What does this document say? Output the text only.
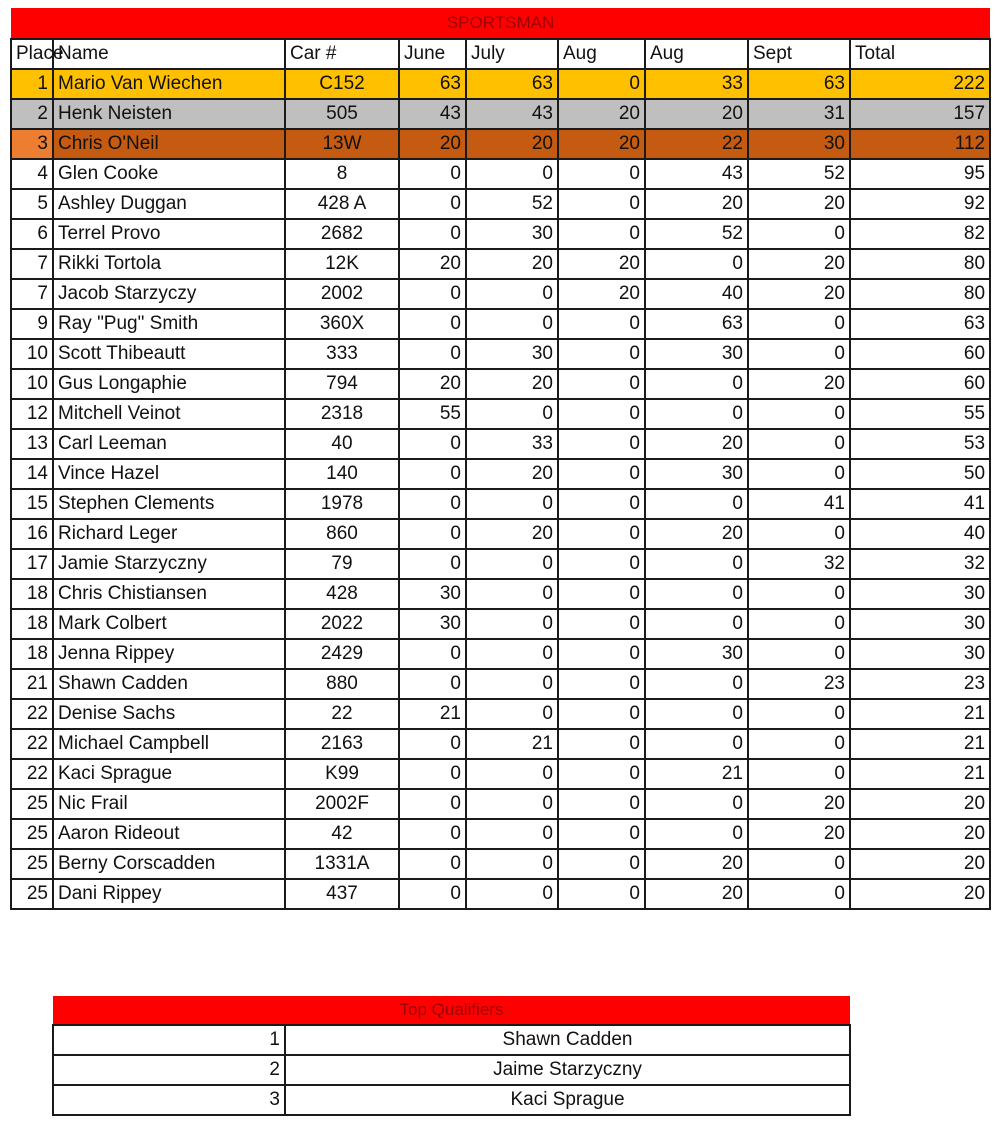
SPORTSMAN								
Place	Name	Car #	June	July	Aug	Aug	Sept	Total
1	Mario Van Wiechen	C152	63	63	0	33	63	222
2	Henk Neisten	505	43	43	20	20	31	157
3	Chris O'Neil	13W	20	20	20	22	30	112
4	Glen Cooke	8	0	0	0	43	52	95
5	Ashley Duggan	428 A	0	52	0	20	20	92
6	Terrel Provo	2682	0	30	0	52	0	82
7	Rikki Tortola	12K	20	20	20	0	20	80
7	Jacob Starzyczy	2002	0	0	20	40	20	80
9	Ray "Pug" Smith	360X	0	0	0	63	0	63
10	Scott Thibeautt	333	0	30	0	30	0	60
10	Gus Longaphie	794	20	20	0	0	20	60
12	Mitchell Veinot	2318	55	0	0	0	0	55
13	Carl Leeman	40	0	33	0	20	0	53
14	Vince Hazel	140	0	20	0	30	0	50
15	Stephen Clements	1978	0	0	0	0	41	41
16	Richard Leger	860	0	20	0	20	0	40
17	Jamie Starzyczny	79	0	0	0	0	32	32
18	Chris Chistiansen	428	30	0	0	0	0	30
18	Mark Colbert	2022	30	0	0	0	0	30
18	Jenna Rippey	2429	0	0	0	30	0	30
21	Shawn Cadden	880	0	0	0	0	23	23
22	Denise Sachs	22	21	0	0	0	0	21
22	Michael Campbell	2163	0	21	0	0	0	21
22	Kaci Sprague	K99	0	0	0	21	0	21
25	Nic Frail	2002F	0	0	0	0	20	20
25	Aaron Rideout	42	0	0	0	0	20	20
25	Berny Corscadden	1331A	0	0	0	20	0	20
25	Dani Rippey	437	0	0	0	20	0	20
Top Qualifiers	
1	Shawn Cadden
2	Jaime Starzyczny
3	Kaci Sprague
